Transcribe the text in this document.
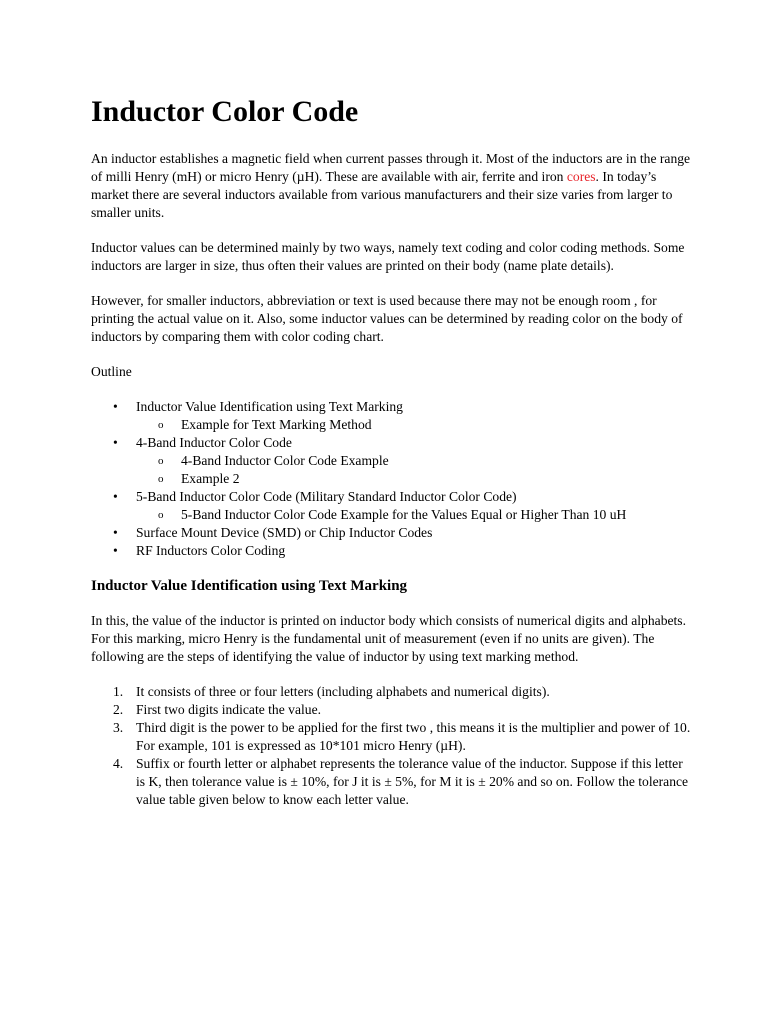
Inductor Color Code

An inductor establishes a magnetic field when current passes through it. Most of the inductors are in the range of milli Henry (mH) or micro Henry (µH). These are available with air, ferrite and iron cores. In today’s market there are several inductors available from various manufacturers and their size varies from larger to smaller units.

Inductor values can be determined mainly by two ways, namely text coding and color coding methods. Some inductors are larger in size, thus often their values are printed on their body (name plate details).

However, for smaller inductors, abbreviation or text is used because there may not be enough room , for printing the actual value on it. Also, some inductor values can be determined by reading color on the body of inductors by comparing them with color coding chart.

Outline

• Inductor Value Identification using Text Marking
o Example for Text Marking Method
• 4-Band Inductor Color Code
o 4-Band Inductor Color Code Example
o Example 2
• 5-Band Inductor Color Code (Military Standard Inductor Color Code)
o 5-Band Inductor Color Code Example for the Values Equal or Higher Than 10 uH
• Surface Mount Device (SMD) or Chip Inductor Codes
• RF Inductors Color Coding
Inductor Value Identification using Text Marking

In this, the value of the inductor is printed on inductor body which consists of numerical digits and alphabets. For this marking, micro Henry is the fundamental unit of measurement (even if no units are given). The following are the steps of identifying the value of inductor by using text marking method.

1. It consists of three or four letters (including alphabets and numerical digits).
2. First two digits indicate the value.
3. Third digit is the power to be applied for the first two , this means it is the multiplier and power of 10. For example, 101 is expressed as 10*101 micro Henry (µH).
4. Suffix or fourth letter or alphabet represents the tolerance value of the inductor. Suppose if this letter is K, then tolerance value is ± 10%, for J it is ± 5%, for M it is ± 20% and so on. Follow the tolerance value table given below to know each letter value.
